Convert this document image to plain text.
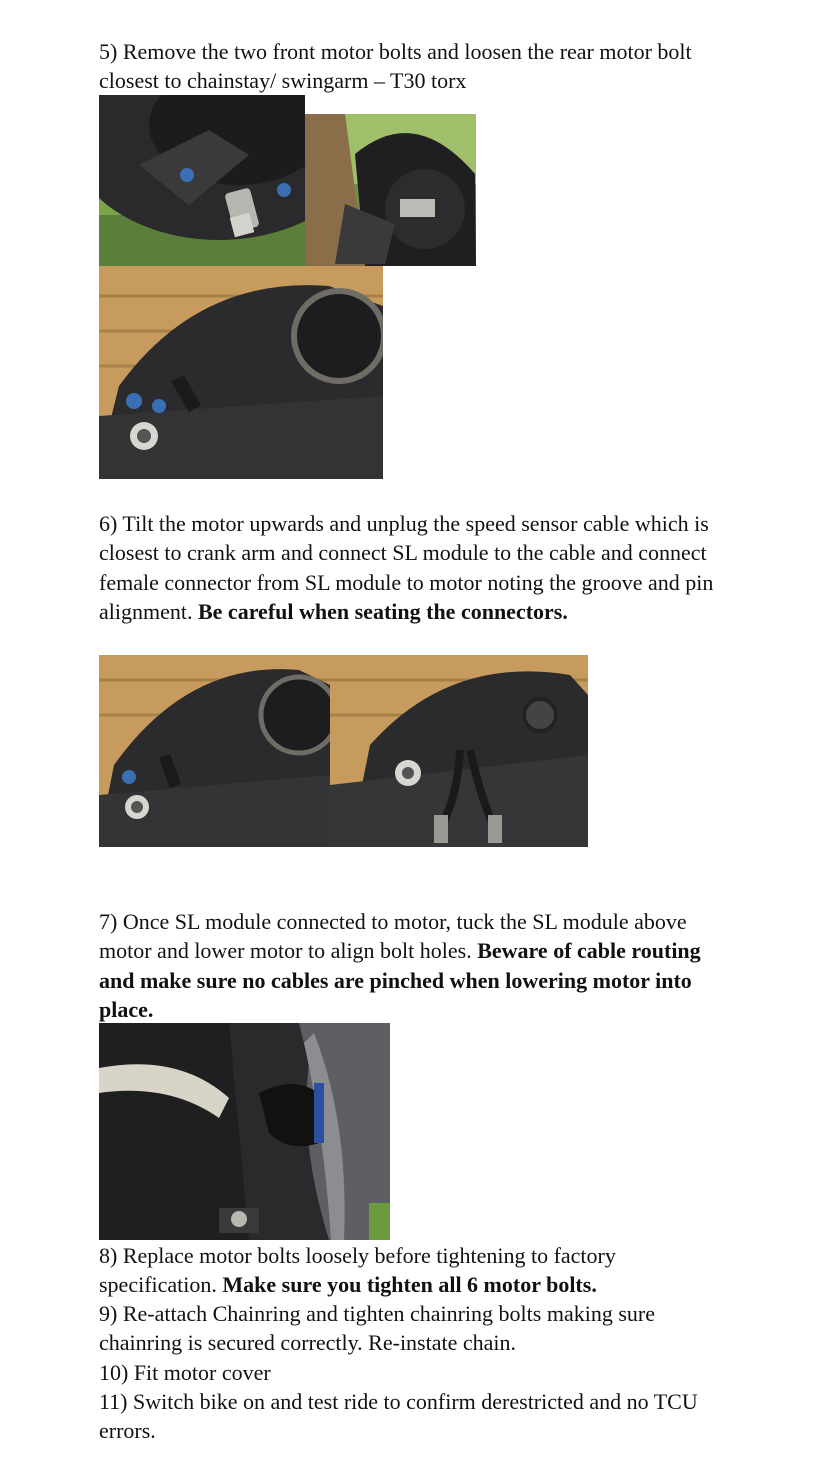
5) Remove the two front motor bolts and loosen the rear motor bolt closest to chainstay/ swingarm – T30 torx

6) Tilt the motor upwards and unplug the speed sensor cable which is closest to crank arm and connect SL module to the cable and connect female connector from SL module to motor noting the groove and pin alignment. Be careful when seating the connectors.

7) Once SL module connected to motor, tuck the SL module above motor and lower motor to align bolt holes. Beware of cable routing and make sure no cables are pinched when lowering motor into place.

8) Replace motor bolts loosely before tightening to factory specification. Make sure you tighten all 6 motor bolts.

9) Re-attach Chainring and tighten chainring bolts making sure chainring is secured correctly. Re-instate chain.

10) Fit motor cover

11) Switch bike on and test ride to confirm derestricted and no TCU errors.
